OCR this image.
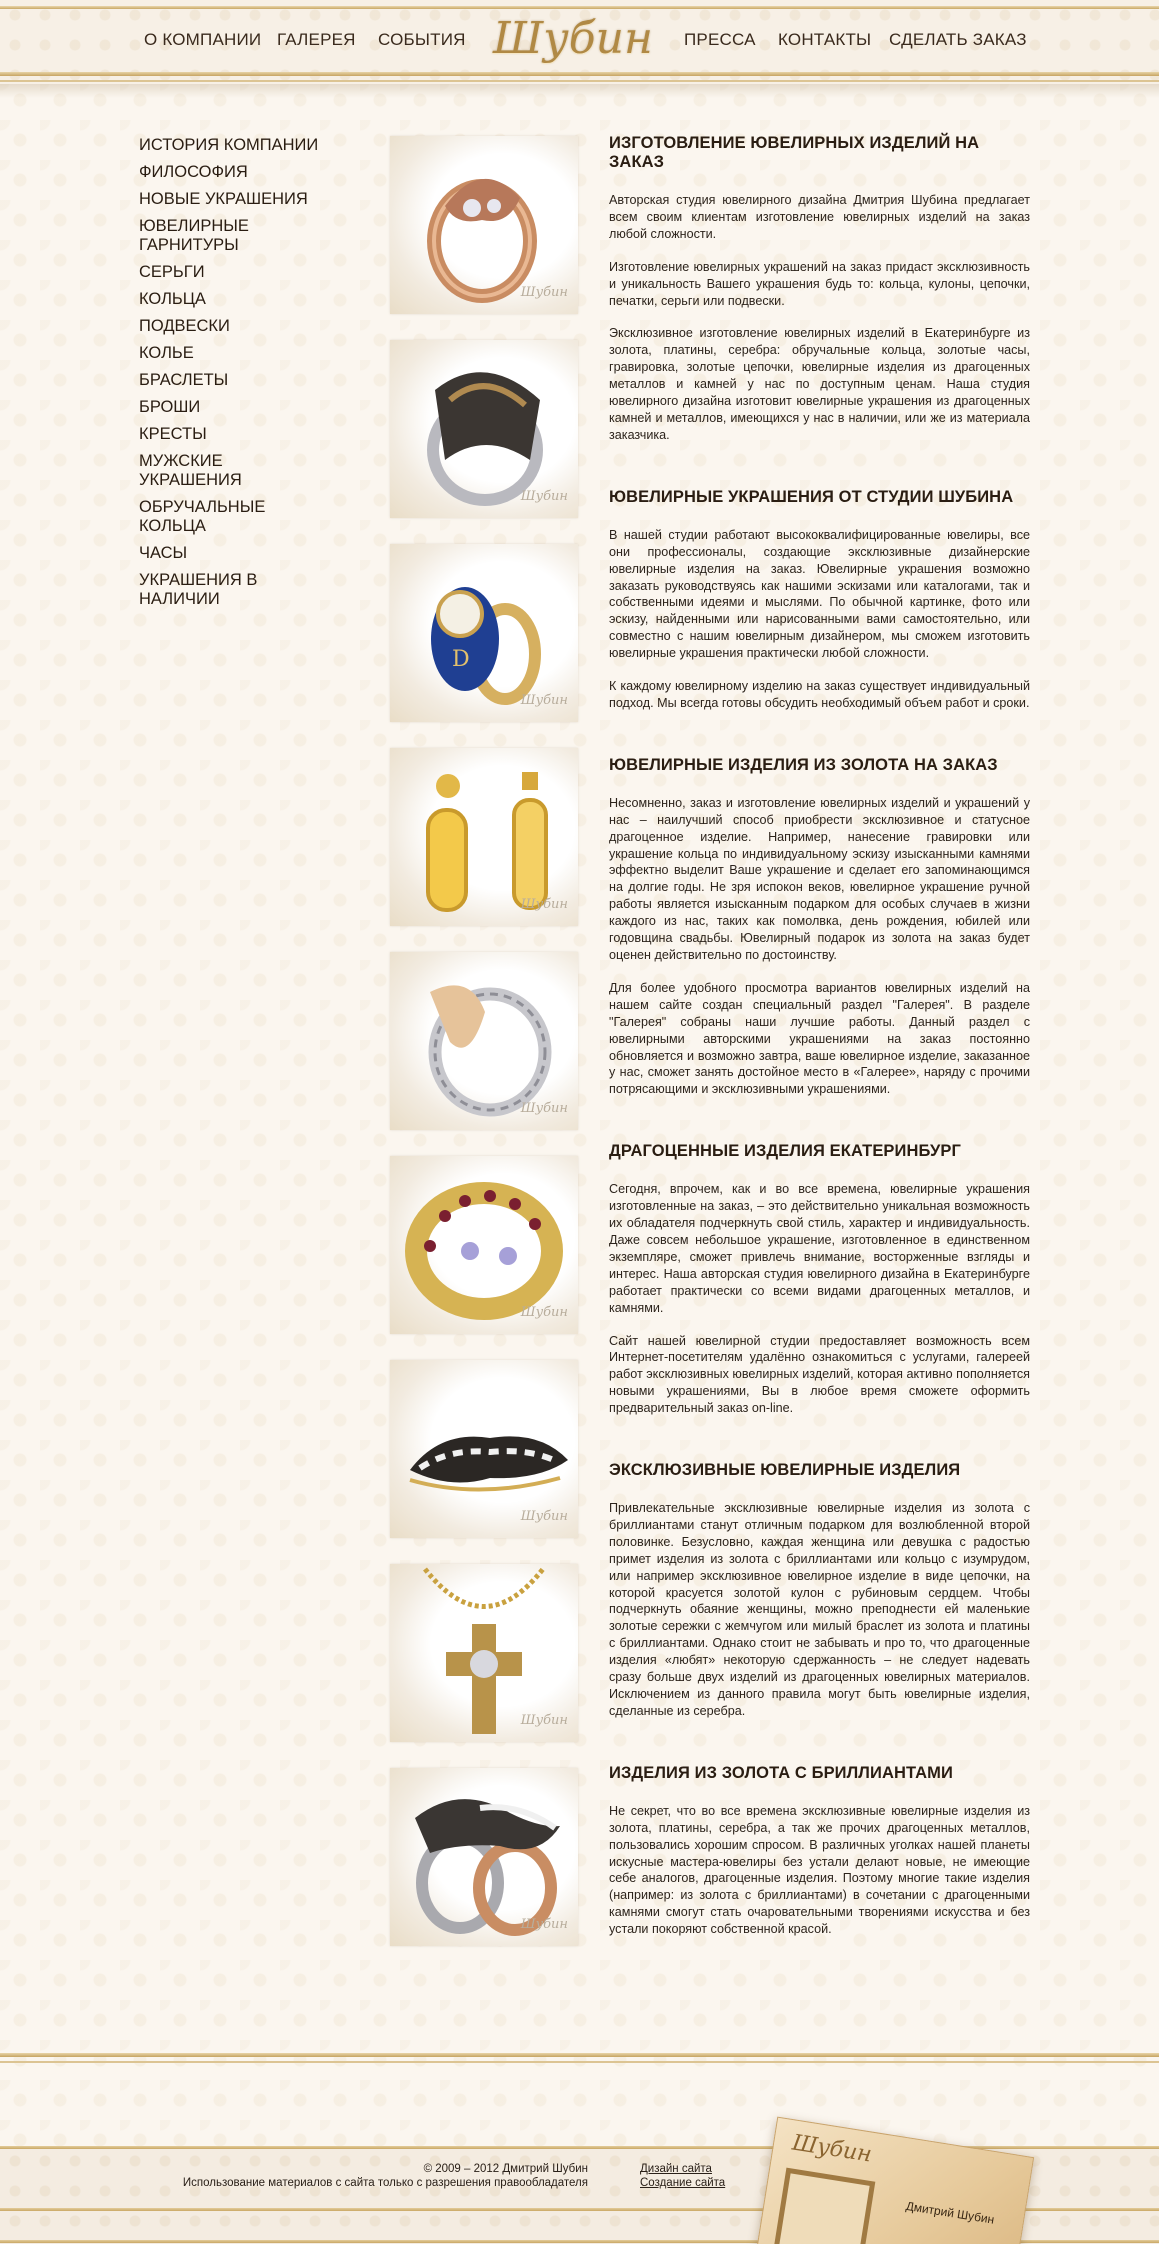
О КОМПАНИИ ГАЛЕРЕЯ СОБЫТИЯ Шубин ПРЕССА КОНТАКТЫ СДЕЛАТЬ ЗАКАЗ
ИСТОРИЯ КОМПАНИИ
ФИЛОСОФИЯ
НОВЫЕ УКРАШЕНИЯ
ЮВЕЛИРНЫЕ ГАРНИТУРЫ
СЕРЬГИ
КОЛЬЦА
ПОДВЕСКИ
КОЛЬЕ
БРАСЛЕТЫ
БРОШИ
КРЕСТЫ
МУЖСКИЕ УКРАШЕНИЯ
ОБРУЧАЛЬНЫЕ КОЛЬЦА
ЧАСЫ
УКРАШЕНИЯ В НАЛИЧИИ
Шубин
Шубин
D
Шубин
Шубин
Шубин
Шубин
Шубин
Шубин
Шубин
ИЗГОТОВЛЕНИЕ ЮВЕЛИРНЫХ ИЗДЕЛИЙ НА ЗАКАЗ

Авторская студия ювелирного дизайна Дмитрия Шубина предлагает всем своим клиентам изготовление ювелирных изделий на заказ любой сложности.

Изготовление ювелирных украшений на заказ придаст эксклюзивность и уникальность Вашего украшения будь то: кольца, кулоны, цепочки, печатки, серьги или подвески.

Эксклюзивное изготовление ювелирных изделий в Екатеринбурге из золота, платины, серебра: обручальные кольца, золотые часы, гравировка, золотые цепочки, ювелирные изделия из драгоценных металлов и камней у нас по доступным ценам. Наша студия ювелирного дизайна изготовит ювелирные украшения из драгоценных камней и металлов, имеющихся у нас в наличии, или же из материала заказчика.

ЮВЕЛИРНЫЕ УКРАШЕНИЯ ОТ СТУДИИ ШУБИНА

В нашей студии работают высококвалифицированные ювелиры, все они профессионалы, создающие эксклюзивные дизайнерские ювелирные изделия на заказ. Ювелирные украшения возможно заказать руководствуясь как нашими эскизами или каталогами, так и собственными идеями и мыслями. По обычной картинке, фото или эскизу, найденными или нарисованными вами самостоятельно, или совместно с нашим ювелирным дизайнером, мы сможем изготовить ювелирные украшения практически любой сложности.

К каждому ювелирному изделию на заказ существует индивидуальный подход. Мы всегда готовы обсудить необходимый объем работ и сроки.

ЮВЕЛИРНЫЕ ИЗДЕЛИЯ ИЗ ЗОЛОТА НА ЗАКАЗ

Несомненно, заказ и изготовление ювелирных изделий и украшений у нас – наилучший способ приобрести эксклюзивное и статусное драгоценное изделие. Например, нанесение гравировки или украшение кольца по индивидуальному эскизу изысканными камнями эффектно выделит Ваше украшение и сделает его запоминающимся на долгие годы. Не зря испокон веков, ювелирное украшение ручной работы является изысканным подарком для особых случаев в жизни каждого из нас, таких как помолвка, день рождения, юбилей или годовщина свадьбы. Ювелирный подарок из золота на заказ будет оценен действительно по достоинству.

Для более удобного просмотра вариантов ювелирных изделий на нашем сайте создан специальный раздел "Галерея". В разделе "Галерея" собраны наши лучшие работы. Данный раздел с ювелирными авторскими украшениями на заказ постоянно обновляется и возможно завтра, ваше ювелирное изделие, заказанное у нас, сможет занять достойное место в «Галерее», наряду с прочими потрясающими и эксклюзивными украшениями.

ДРАГОЦЕННЫЕ ИЗДЕЛИЯ ЕКАТЕРИНБУРГ

Сегодня, впрочем, как и во все времена, ювелирные украшения изготовленные на заказ, – это действительно уникальная возможность их обладателя подчеркнуть свой стиль, характер и индивидуальность. Даже совсем небольшое украшение, изготовленное в единственном экземпляре, сможет привлечь внимание, восторженные взгляды и интерес. Наша авторская студия ювелирного дизайна в Екатеринбурге работает практически со всеми видами драгоценных металлов, и камнями.

Сайт нашей ювелирной студии предоставляет возможность всем Интернет-посетителям удалённо ознакомиться с услугами, галереей работ эксклюзивных ювелирных изделий, которая активно пополняется новыми украшениями, Вы в любое время сможете оформить предварительный заказ on-line.

ЭКСКЛЮЗИВНЫЕ ЮВЕЛИРНЫЕ ИЗДЕЛИЯ

Привлекательные эксклюзивные ювелирные изделия из золота с бриллиантами станут отличным подарком для возлюбленной второй половинке. Безусловно, каждая женщина или девушка с радостью примет изделия из золота с бриллиантами или кольцо с изумрудом, или например эксклюзивное ювелирное изделие в виде цепочки, на которой красуется золотой кулон с рубиновым сердцем. Чтобы подчеркнуть обаяние женщины, можно преподнести ей маленькие золотые сережки с жемчугом или милый браслет из золота и платины с бриллиантами. Однако стоит не забывать и про то, что драгоценные изделия «любят» некоторую сдержанность – не следует надевать сразу больше двух изделий из драгоценных ювелирных материалов. Исключением из данного правила могут быть ювелирные изделия, сделанные из серебра.

ИЗДЕЛИЯ ИЗ ЗОЛОТА С БРИЛЛИАНТАМИ

Не секрет, что во все времена эксклюзивные ювелирные изделия из золота, платины, серебра, а так же прочих драгоценных металлов, пользовались хорошим спросом. В различных уголках нашей планеты искусные мастера-ювелиры без устали делают новые, не имеющие себе аналогов, драгоценные изделия. Поэтому многие такие изделия (например: из золота с бриллиантами) в сочетании с драгоценными камнями смогут стать очаровательными творениями искусства и без устали покоряют собственной красой.

© 2009 – 2012 Дмитрий Шубин
Использование материалов с сайта только с разрешения правообладателя
Дизайн сайта
Создание сайта
Шубин
Дмитрий Шубин
